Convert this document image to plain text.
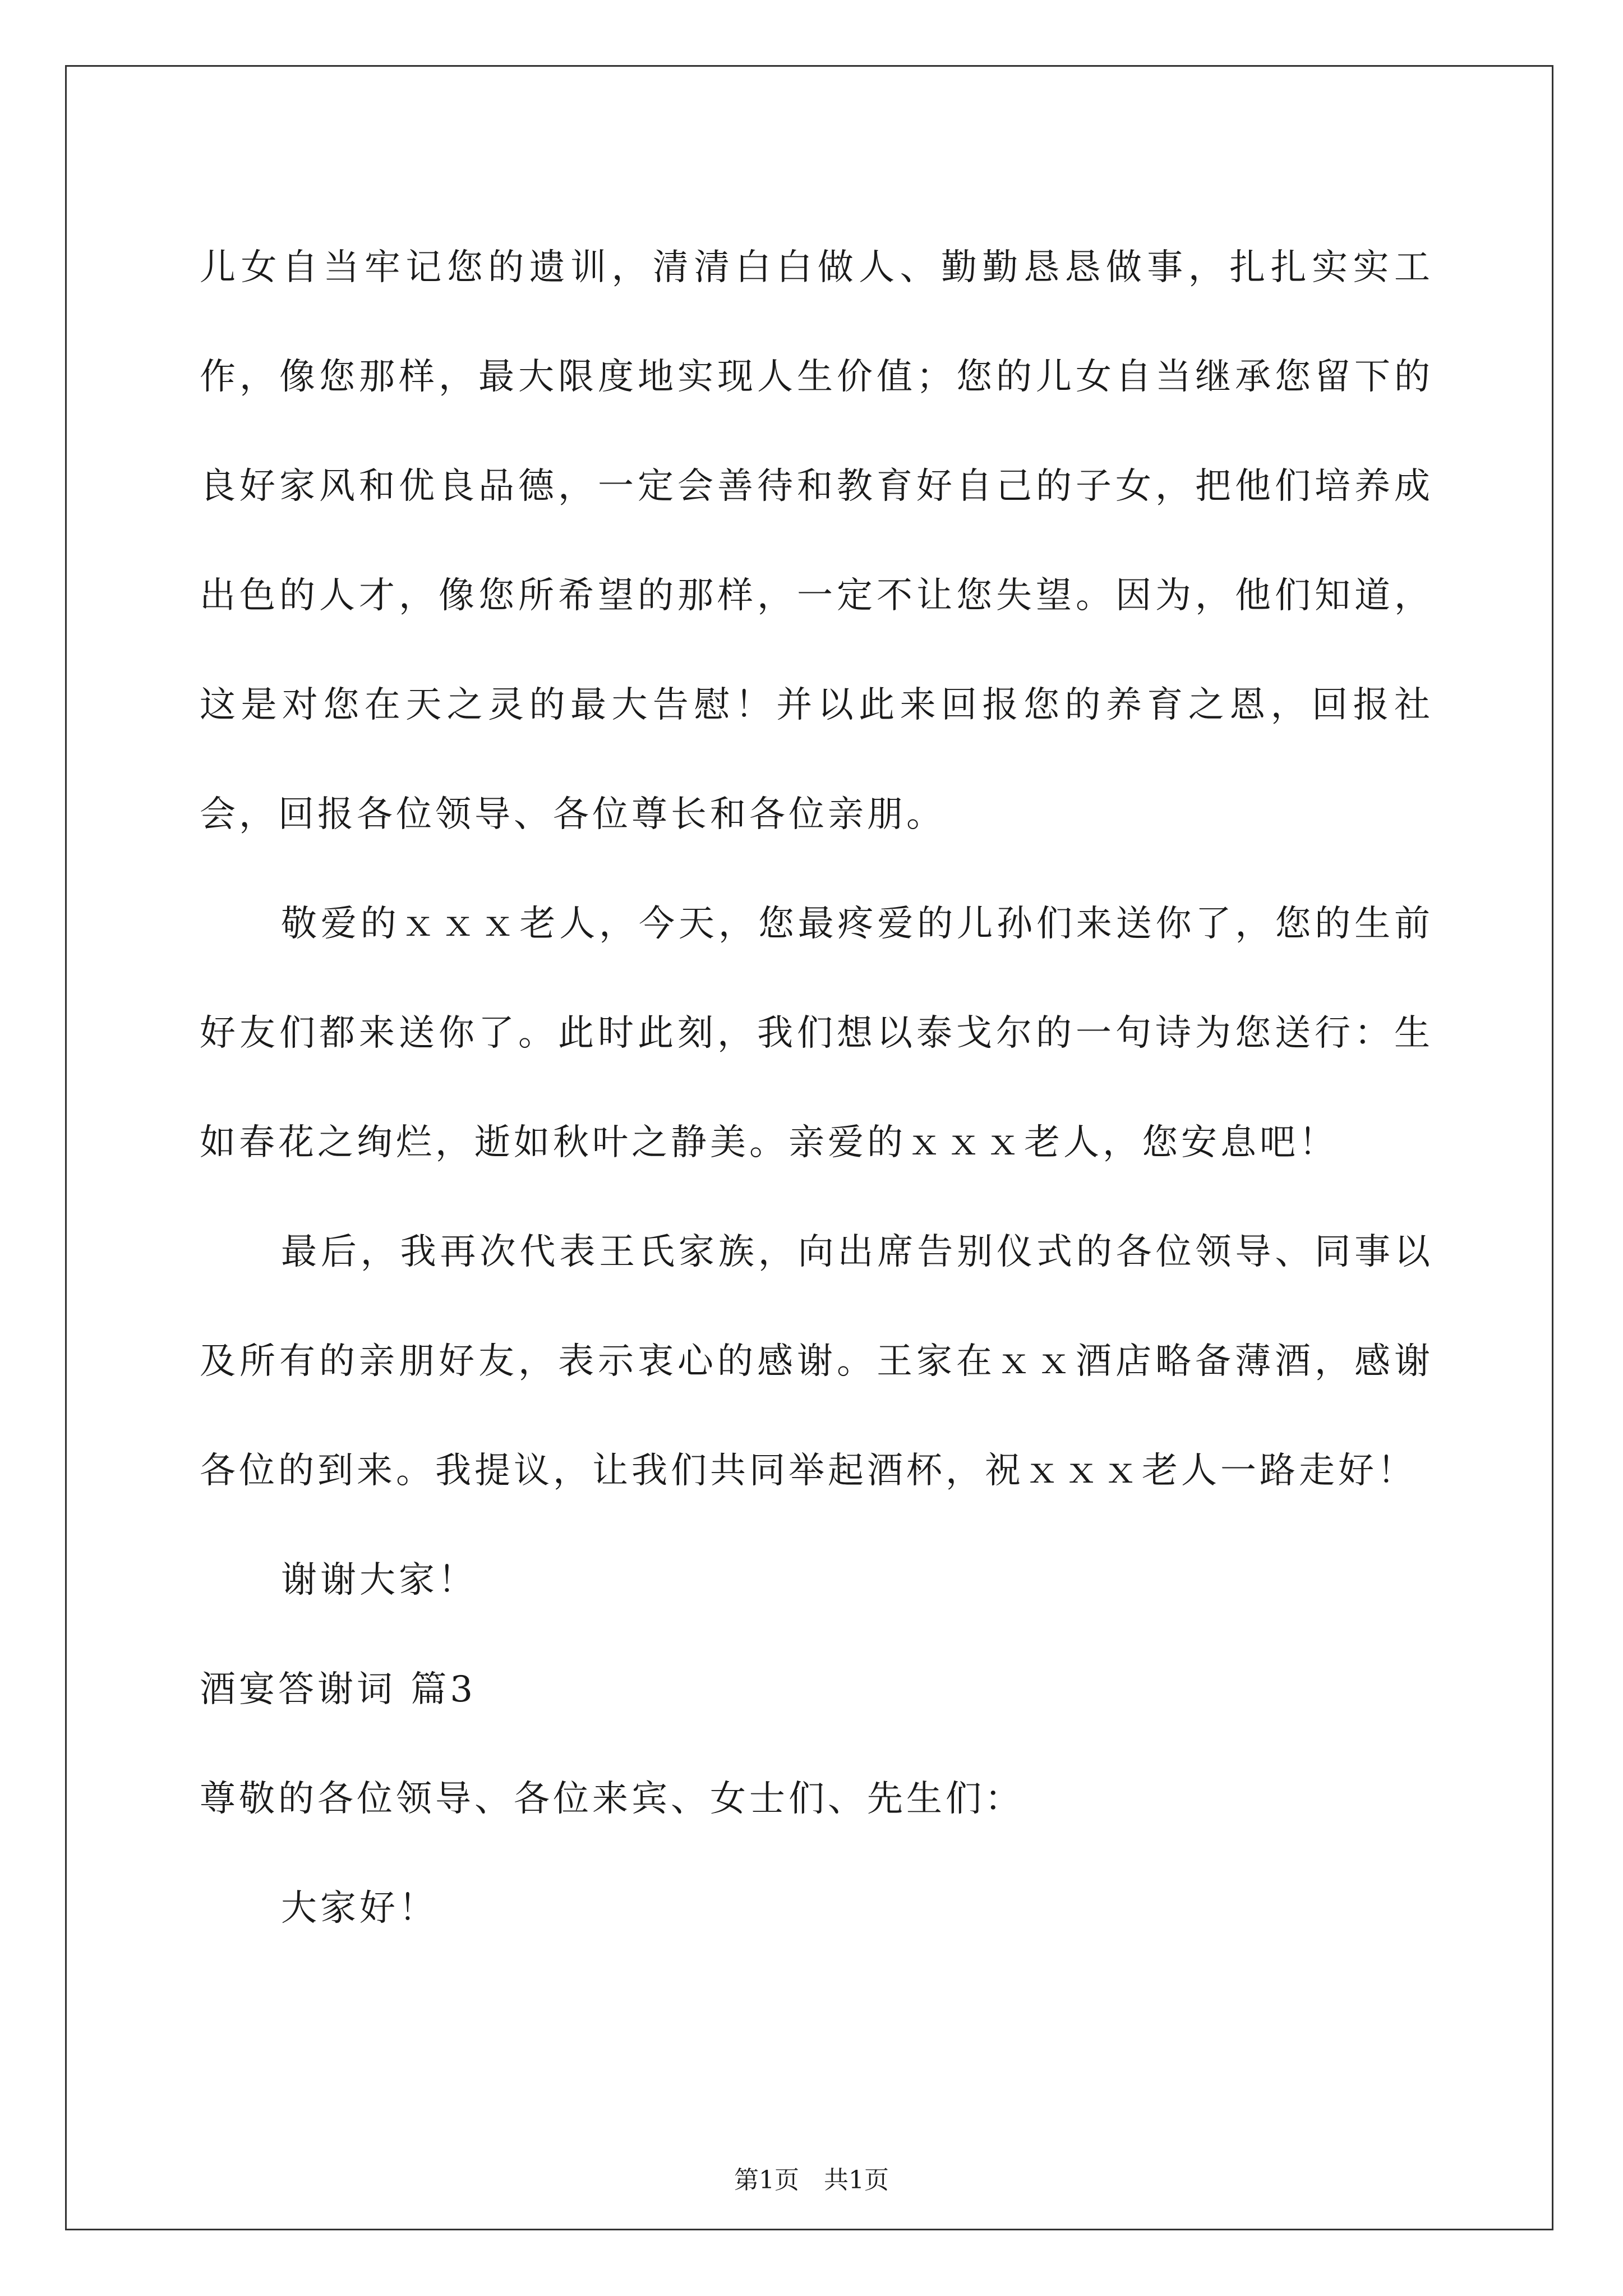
儿女自当牢记您的遗训，清清白白做人、勤勤恳恳做事，扎扎实实工作，像您那样，最大限度地实现人生价值；您的儿女自当继承您留下的良好家风和优良品德，一定会善待和教育好自己的子女，把他们培养成出色的人才，像您所希望的那样，一定不让您失望。因为，他们知道，这是对您在天之灵的最大告慰！并以此来回报您的养育之恩，回报社会，回报各位领导、各位尊长和各位亲朋。

敬爱的ｘｘｘ老人，今天，您最疼爱的儿孙们来送你了，您的生前好友们都来送你了。此时此刻，我们想以泰戈尔的一句诗为您送行：生如春花之绚烂，逝如秋叶之静美。亲爱的ｘｘｘ老人，您安息吧！

最后，我再次代表王氏家族，向出席告别仪式的各位领导、同事以及所有的亲朋好友，表示衷心的感谢。王家在ｘｘ酒店略备薄酒，感谢各位的到来。我提议，让我们共同举起酒杯，祝ｘｘｘ老人一路走好！

谢谢大家！

酒宴答谢词 篇3

尊敬的各位领导、各位来宾、女士们、先生们：

大家好！

第1页　共1页
